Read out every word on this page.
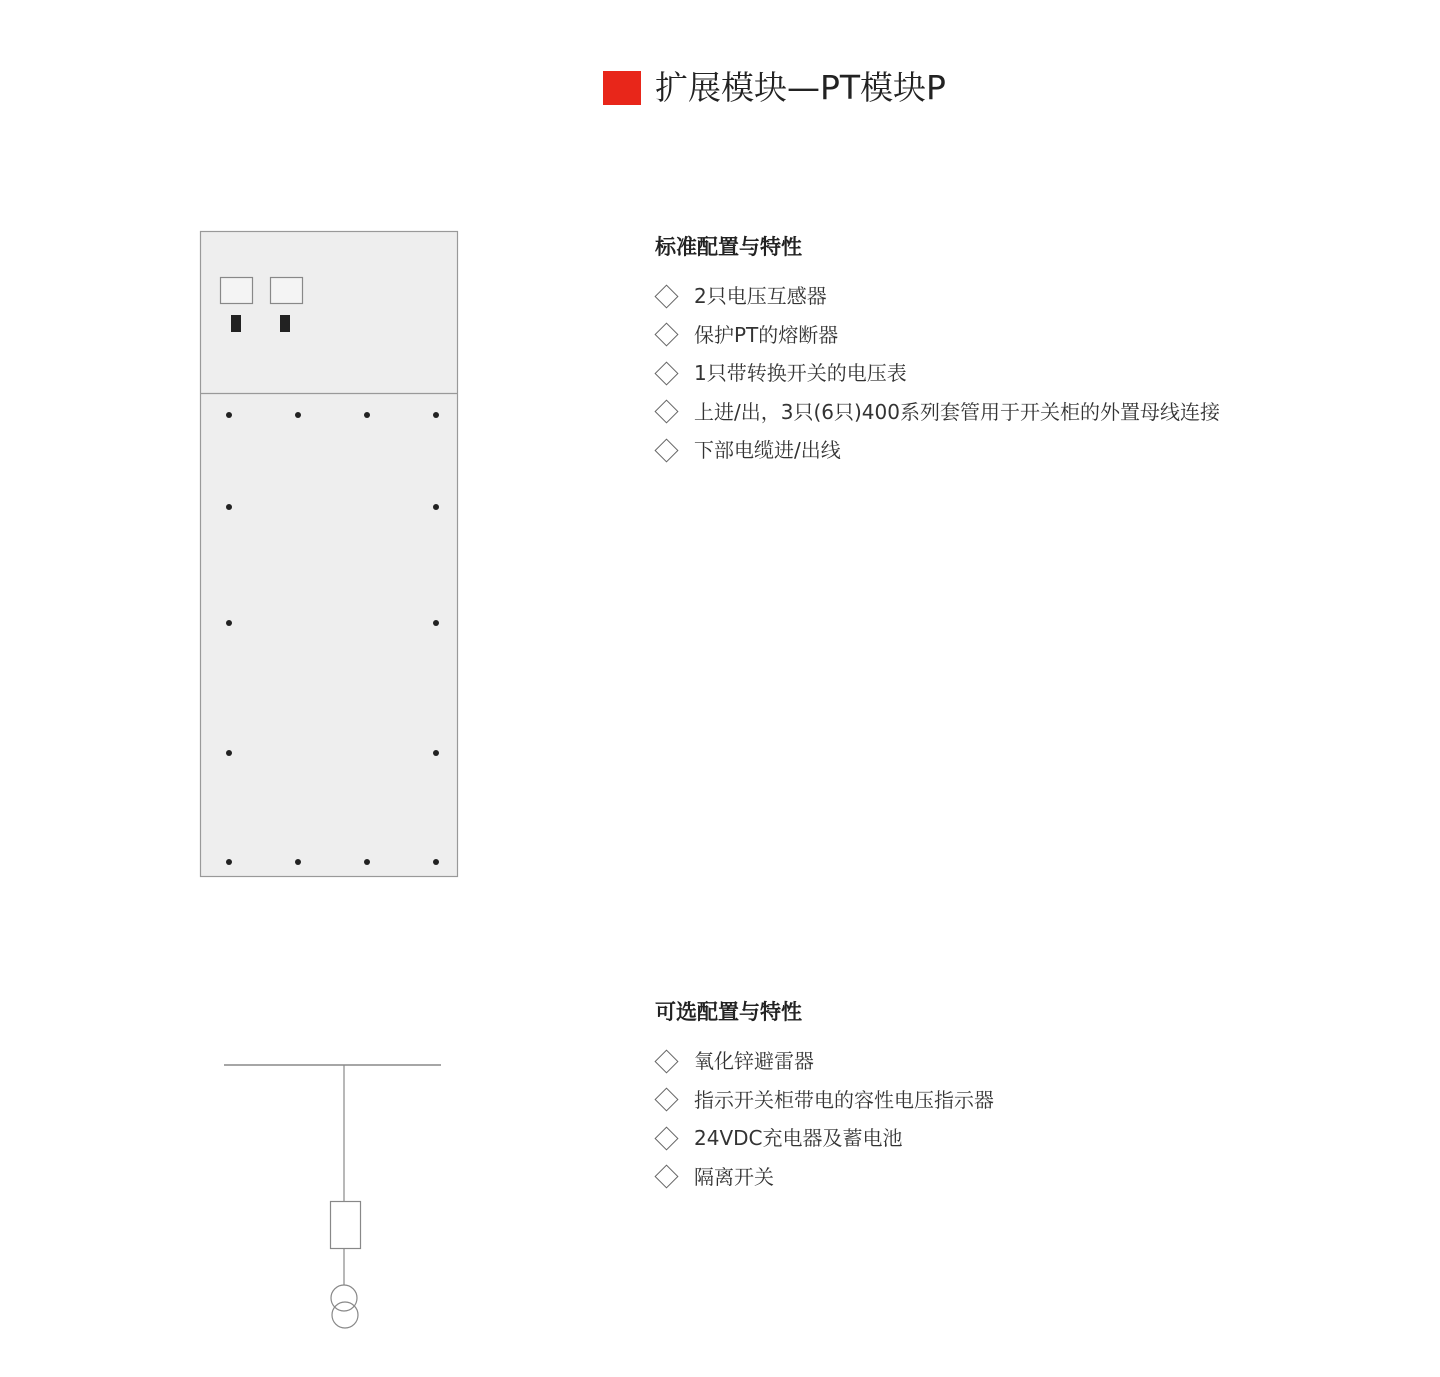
扩展模块—PT模块P
标准配置与特性
2只电压互感器
保护PT的熔断器
1只带转换开关的电压表
上进/出，3只(6只)400系列套管用于开关柜的外置母线连接
下部电缆进/出线
可选配置与特性
氧化锌避雷器
指示开关柜带电的容性电压指示器
24VDC充电器及蓄电池
隔离开关
